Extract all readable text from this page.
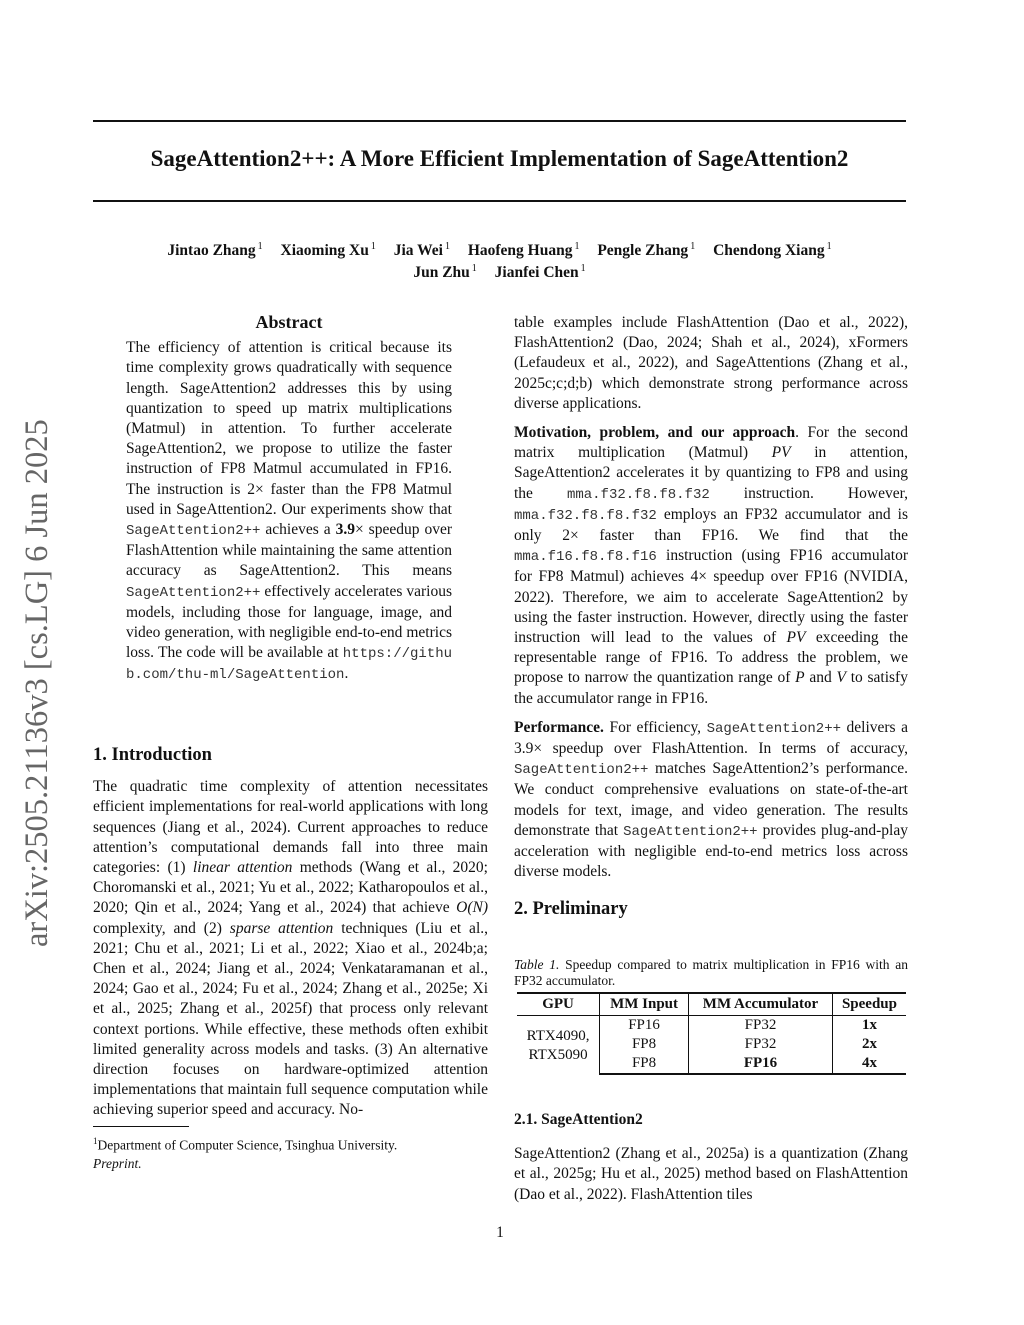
SageAttention2++: A More Efficient Implementation of SageAttention2
Jintao Zhang $^1$ Xiaoming Xu $^1$ Jia Wei $^1$ Haofeng Huang $^1$ Pengle Zhang $^1$ Chendong Xiang $^1$
Jun Zhu $^1$ Jianfei Chen $^1$
arXiv:2505.21136v3 [cs.LG] 6 Jun 2025

Abstract

The efficiency of attention is critical because its time complexity grows quadratically with sequence length. SageAttention2 addresses this by using quantization to speed up matrix multiplications (Matmul) in attention. To further accelerate SageAttention2, we propose to utilize the faster instruction of FP8 Matmul accumulated in FP16. The instruction is 2× faster than the FP8 Matmul used in SageAttention2. Our experiments show that SageAttention2++ achieves a 3.9× speedup over FlashAttention while maintaining the same attention accuracy as SageAttention2. This means SageAttention2++ effectively accelerates various models, including those for language, image, and video generation, with negligible end-to-end metrics loss. The code will be available at https://github.com/thu-ml/SageAttention.

1. Introduction

The quadratic time complexity of attention necessitates efficient implementations for real-world applications with long sequences (Jiang et al., 2024). Current approaches to reduce attention’s computational demands fall into three main categories: (1) linear attention methods (Wang et al., 2020; Choromanski et al., 2021; Yu et al., 2022; Katharopoulos et al., 2020; Qin et al., 2024; Yang et al., 2024) that achieve O(N) complexity, and (2) sparse attention techniques (Liu et al., 2021; Chu et al., 2021; Li et al., 2022; Xiao et al., 2024b;a; Chen et al., 2024; Jiang et al., 2024; Venkataramanan et al., 2024; Gao et al., 2024; Fu et al., 2024; Zhang et al., 2025e; Xi et al., 2025; Zhang et al., 2025f) that process only relevant context portions. While effective, these methods often exhibit limited generality across models and tasks. (3) An alternative direction focuses on hardware-optimized attention implementations that maintain full sequence computation while achieving superior speed and accuracy. No-

$^1$Department of Computer Science, Tsinghua University.
Preprint.

table examples include FlashAttention (Dao et al., 2022), FlashAttention2 (Dao, 2024; Shah et al., 2024), xFormers (Lefaudeux et al., 2022), and SageAttentions (Zhang et al., 2025c;c;d;b) which demonstrate strong performance across diverse applications.

Motivation, problem, and our approach. For the second matrix multiplication (Matmul) PV in attention, SageAttention2 accelerates it by quantizing to FP8 and using the mma.f32.f8.f8.f32 instruction. However, mma.f32.f8.f8.f32 employs an FP32 accumulator and is only 2× faster than FP16. We find that the mma.f16.f8.f8.f16 instruction (using FP16 accumulator for FP8 Matmul) achieves 4× speedup over FP16 (NVIDIA, 2022). Therefore, we aim to accelerate SageAttention2 by using the faster instruction. However, directly using the faster instruction will lead to the values of PV exceeding the representable range of FP16. To address the problem, we propose to narrow the quantization range of P and V to satisfy the accumulator range in FP16.

Performance. For efficiency, SageAttention2++ delivers a 3.9× speedup over FlashAttention. In terms of accuracy, SageAttention2++ matches SageAttention2’s performance. We conduct comprehensive evaluations on state-of-the-art models for text, image, and video generation. The results demonstrate that SageAttention2++ provides plug-and-play acceleration with negligible end-to-end metrics loss across diverse models.

2. Preliminary

Table 1. Speedup compared to matrix multiplication in FP16 with an FP32 accumulator.
GPU	MM Input	MM Accumulator	Speedup
RTX4090,
RTX5090	FP16	FP32	1x
	FP8	FP32	2x
	FP8	FP16	4x

2.1. SageAttention2

SageAttention2 (Zhang et al., 2025a) is a quantization (Zhang et al., 2025g; Hu et al., 2025) method based on FlashAttention (Dao et al., 2022). FlashAttention tiles

1
